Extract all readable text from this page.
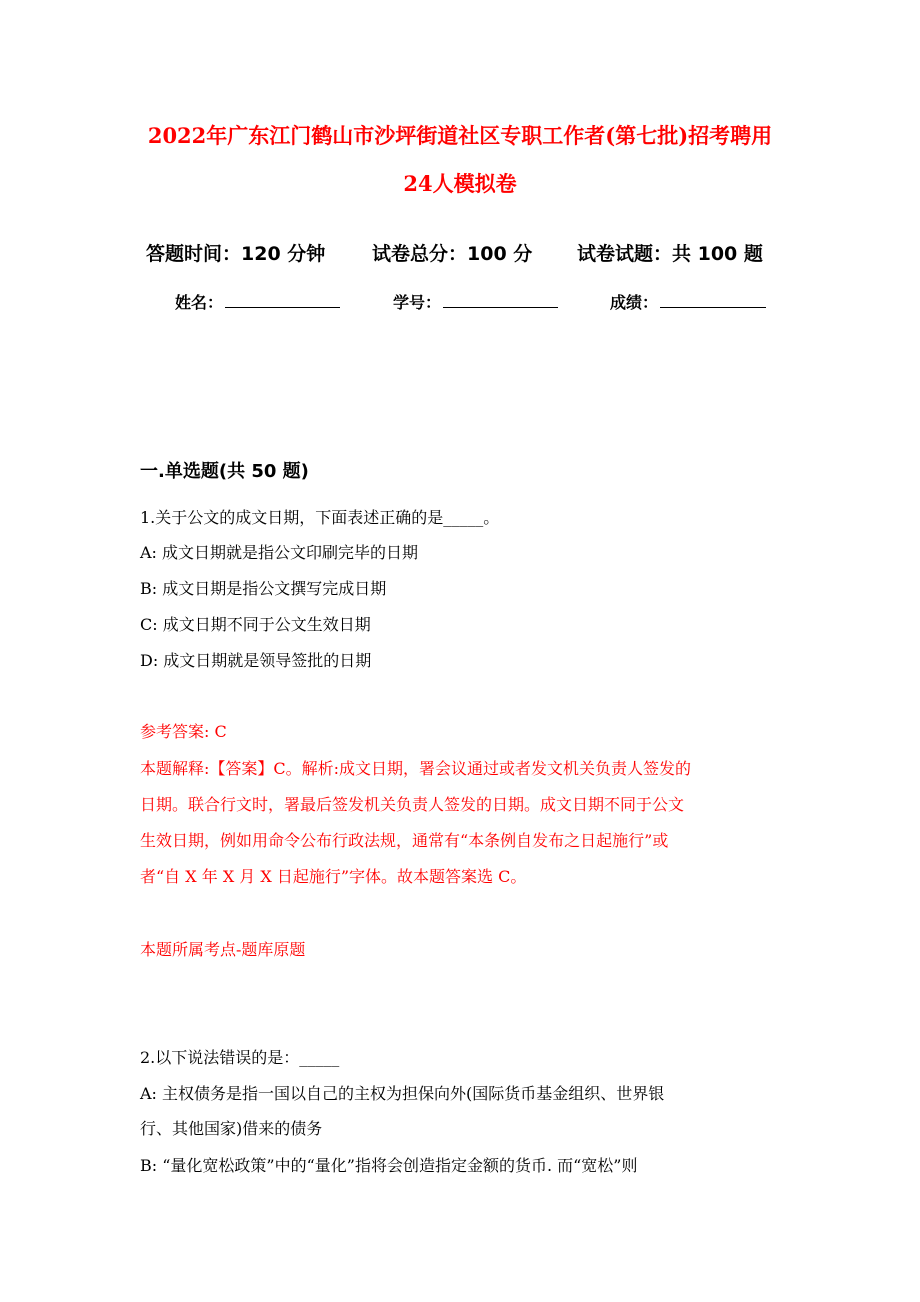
2022年广东江门鹤山市沙坪街道社区专职工作者(第七批)招考聘用
24人模拟卷
答题时间：120 分钟 试卷总分：100 分 试卷试题：共 100 题
姓名：	学号：	成绩：
一.单选题(共 50 题)
1.关于公文的成文日期，下面表述正确的是_____。
A: 成文日期就是指公文印刷完毕的日期
B: 成文日期是指公文撰写完成日期
C: 成文日期不同于公文生效日期
D: 成文日期就是领导签批的日期
参考答案: C
本题解释:【答案】C。解析:成文日期，署会议通过或者发文机关负责人签发的
日期。联合行文时，署最后签发机关负责人签发的日期。成文日期不同于公文
生效日期，例如用命令公布行政法规，通常有“本条例自发布之日起施行”或
者“自 X 年 X 月 X 日起施行”字体。故本题答案选 C。
本题所属考点-题库原题
2.以下说法错误的是：_____
A: 主权债务是指一国以自己的主权为担保向外(国际货币基金组织、世界银
行、其他国家)借来的债务
B: “量化宽松政策”中的“量化”指将会创造指定金额的货币. 而“宽松”则
